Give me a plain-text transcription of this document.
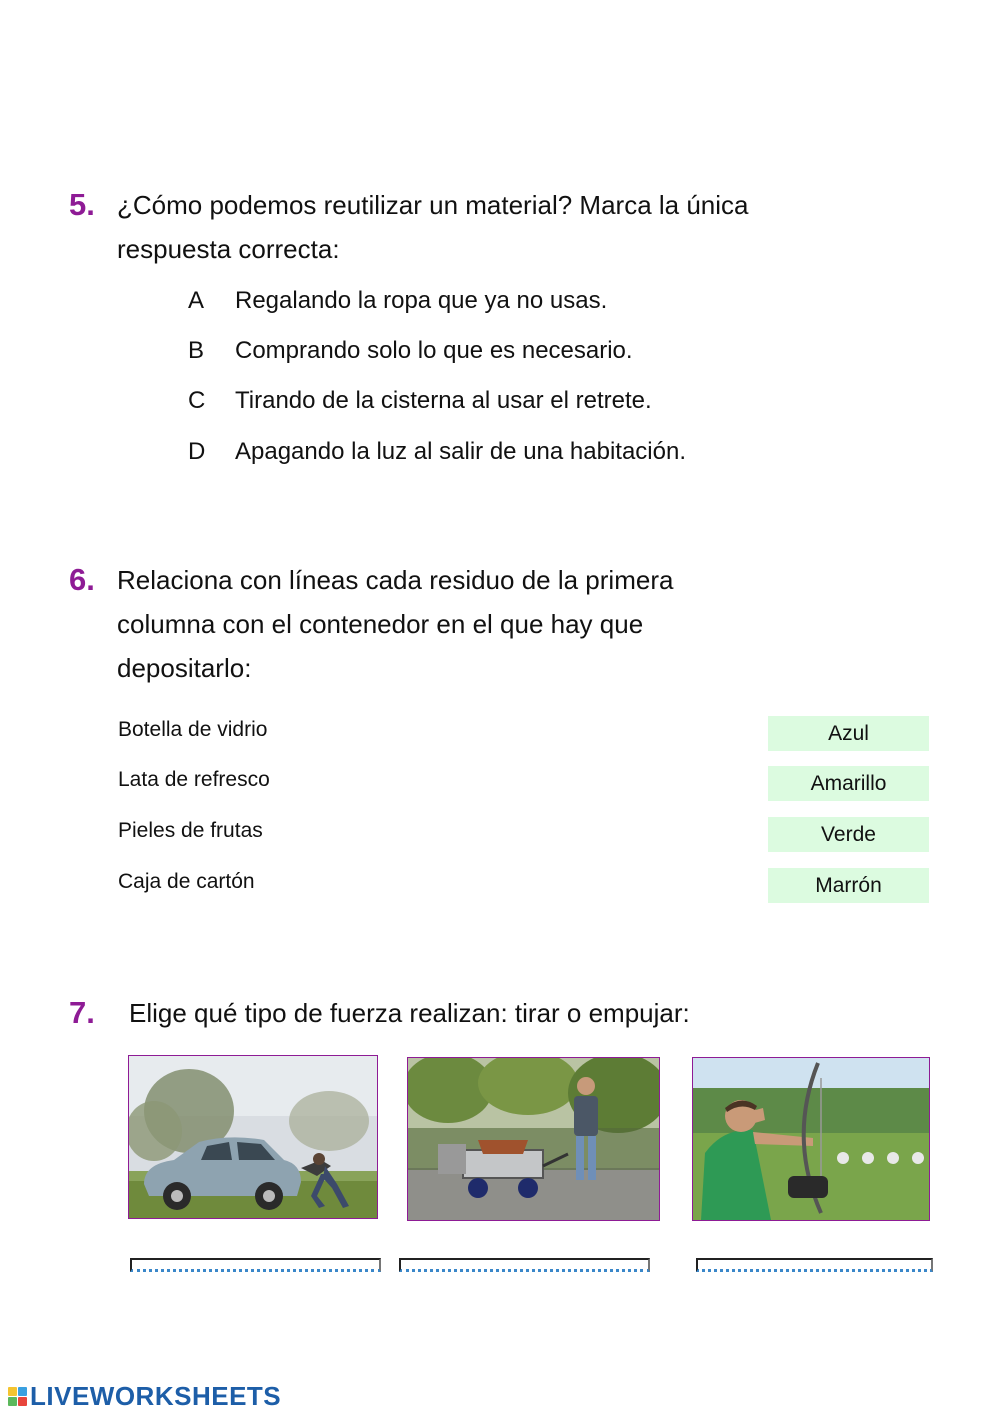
5. ¿Cómo podemos reutilizar un material? Marca la única
respuesta correcta:
A Regalando la ropa que ya no usas.
B Comprando solo lo que es necesario.
C Tirando de la cisterna al usar el retrete.
D Apagando la luz al salir de una habitación.
6. Relaciona con líneas cada residuo de la primera
columna con el contenedor en el que hay que
depositarlo:
Botella de vidrio
Lata de refresco
Pieles de frutas
Caja de cartón
Azul
Amarillo
Verde
Marrón
7. Elige qué tipo de fuerza realizan: tirar o empujar:
LIVEWORKSHEETS
